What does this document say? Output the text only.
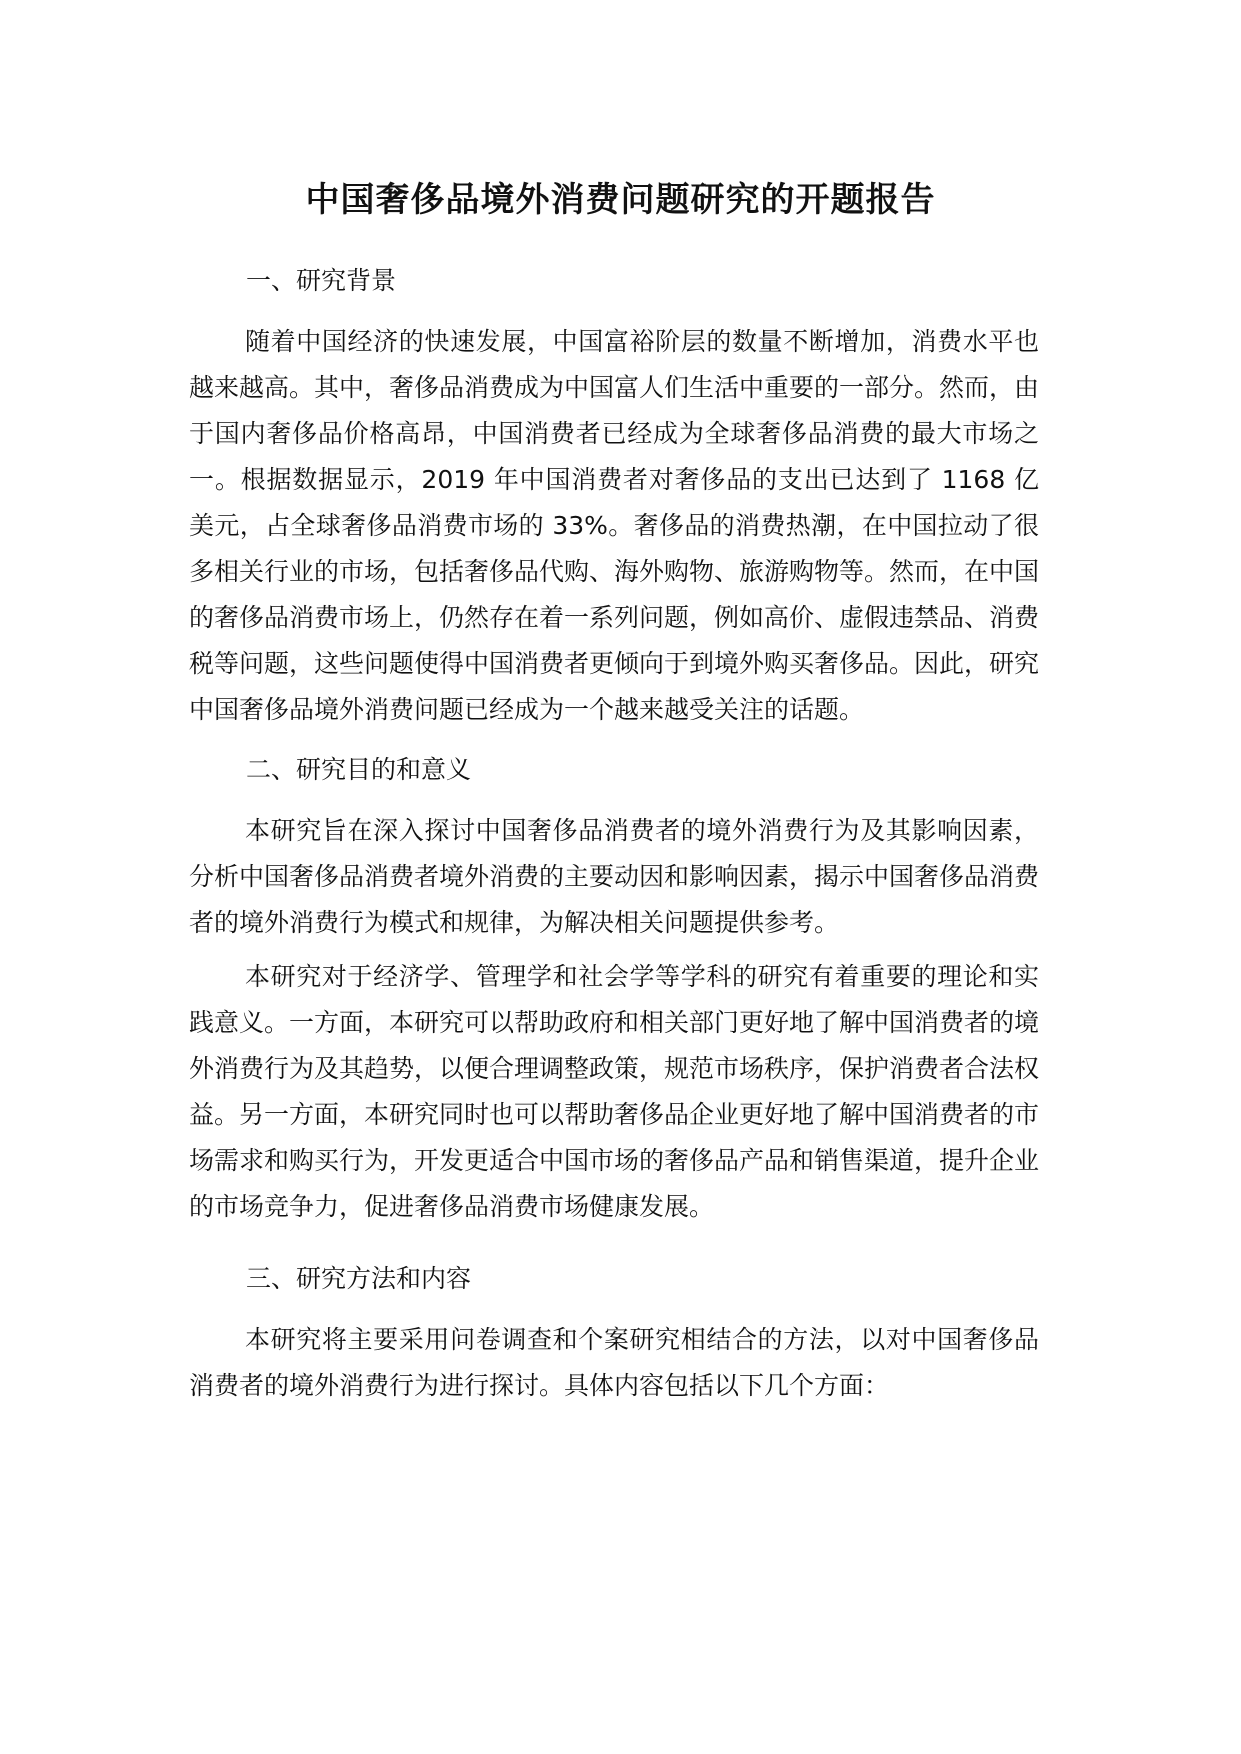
中国奢侈品境外消费问题研究的开题报告
一、研究背景

随着中国经济的快速发展，中国富裕阶层的数量不断增加，消费水平也越来越高。其中，奢侈品消费成为中国富人们生活中重要的一部分。然而，由于国内奢侈品价格高昂，中国消费者已经成为全球奢侈品消费的最大市场之一。根据数据显示，2019 年中国消费者对奢侈品的支出已达到了 1168 亿美元，占全球奢侈品消费市场的 33%。奢侈品的消费热潮，在中国拉动了很多相关行业的市场，包括奢侈品代购、海外购物、旅游购物等。然而，在中国的奢侈品消费市场上，仍然存在着一系列问题，例如高价、虚假违禁品、消费税等问题，这些问题使得中国消费者更倾向于到境外购买奢侈品。因此，研究中国奢侈品境外消费问题已经成为一个越来越受关注的话题。

二、研究目的和意义

本研究旨在深入探讨中国奢侈品消费者的境外消费行为及其影响因素，分析中国奢侈品消费者境外消费的主要动因和影响因素，揭示中国奢侈品消费者的境外消费行为模式和规律，为解决相关问题提供参考。

本研究对于经济学、管理学和社会学等学科的研究有着重要的理论和实践意义。一方面，本研究可以帮助政府和相关部门更好地了解中国消费者的境外消费行为及其趋势，以便合理调整政策，规范市场秩序，保护消费者合法权益。另一方面，本研究同时也可以帮助奢侈品企业更好地了解中国消费者的市场需求和购买行为，开发更适合中国市场的奢侈品产品和销售渠道，提升企业的市场竞争力，促进奢侈品消费市场健康发展。

三、研究方法和内容

本研究将主要采用问卷调查和个案研究相结合的方法，以对中国奢侈品消费者的境外消费行为进行探讨。具体内容包括以下几个方面：
